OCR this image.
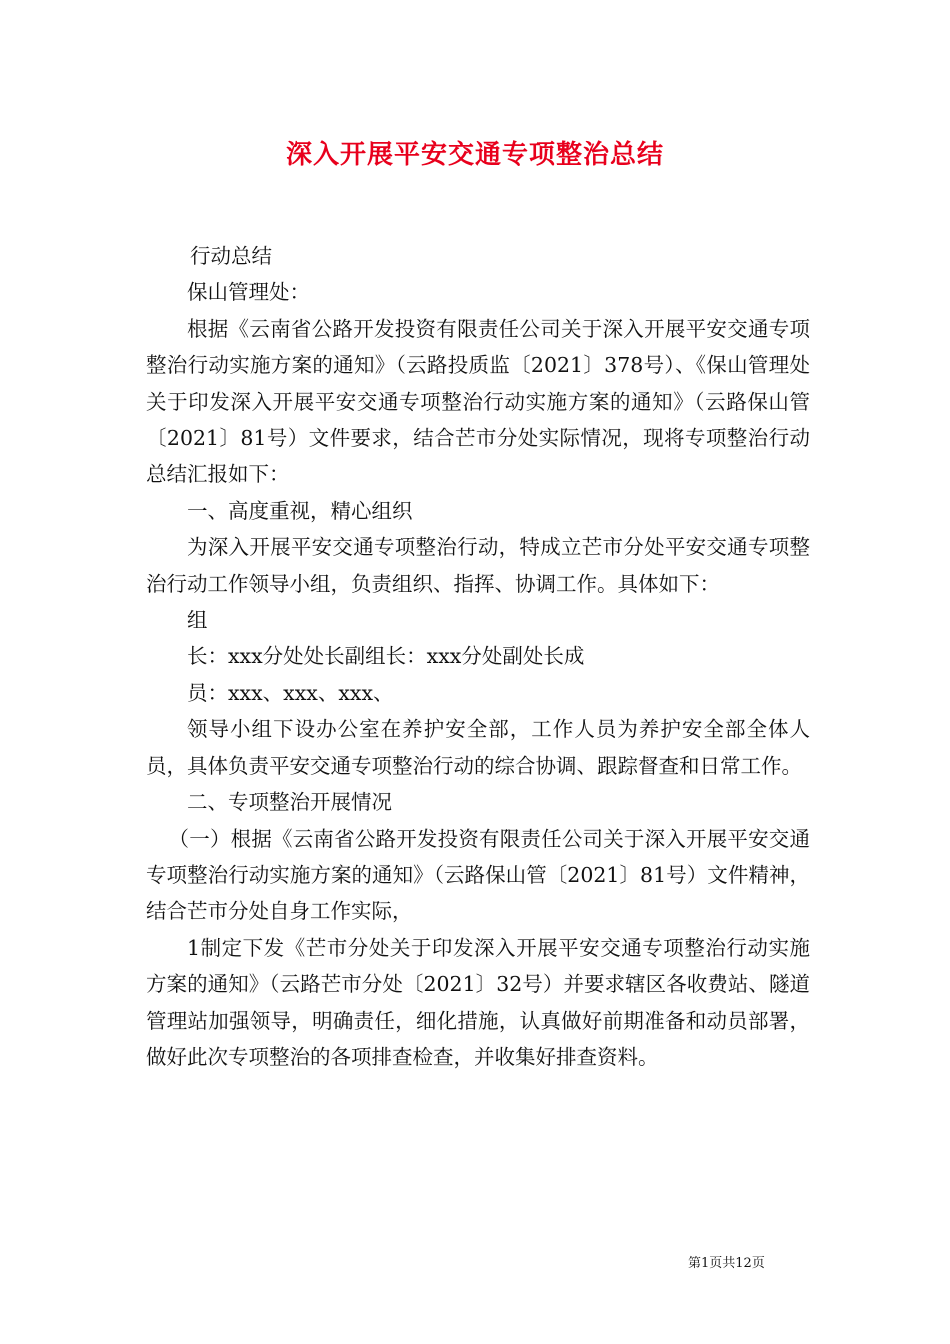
深入开展平安交通专项整治总结

行动总结

保山管理处：

根据《云南省公路开发投资有限责任公司关于深入开展平安交通专项整治行动实施方案的通知》（云路投质监〔2021〕378号）、《保山管理处关于印发深入开展平安交通专项整治行动实施方案的通知》（云路保山管〔2021〕81号）文件要求，结合芒市分处实际情况，现将专项整治行动总结汇报如下：

一、高度重视，精心组织

为深入开展平安交通专项整治行动，特成立芒市分处平安交通专项整治行动工作领导小组，负责组织、指挥、协调工作。具体如下：

组

长：xxx分处处长副组长：xxx分处副处长成

员：xxx、xxx、xxx、

领导小组下设办公室在养护安全部，工作人员为养护安全部全体人员，具体负责平安交通专项整治行动的综合协调、跟踪督查和日常工作。

二、专项整治开展情况

（一）根据《云南省公路开发投资有限责任公司关于深入开展平安交通专项整治行动实施方案的通知》（云路保山管〔2021〕81号）文件精神，结合芒市分处自身工作实际，

1制定下发《芒市分处关于印发深入开展平安交通专项整治行动实施方案的通知》（云路芒市分处〔2021〕32号）并要求辖区各收费站、隧道管理站加强领导，明确责任，细化措施，认真做好前期准备和动员部署，做好此次专项整治的各项排查检查，并收集好排查资料。

第1页共12页
